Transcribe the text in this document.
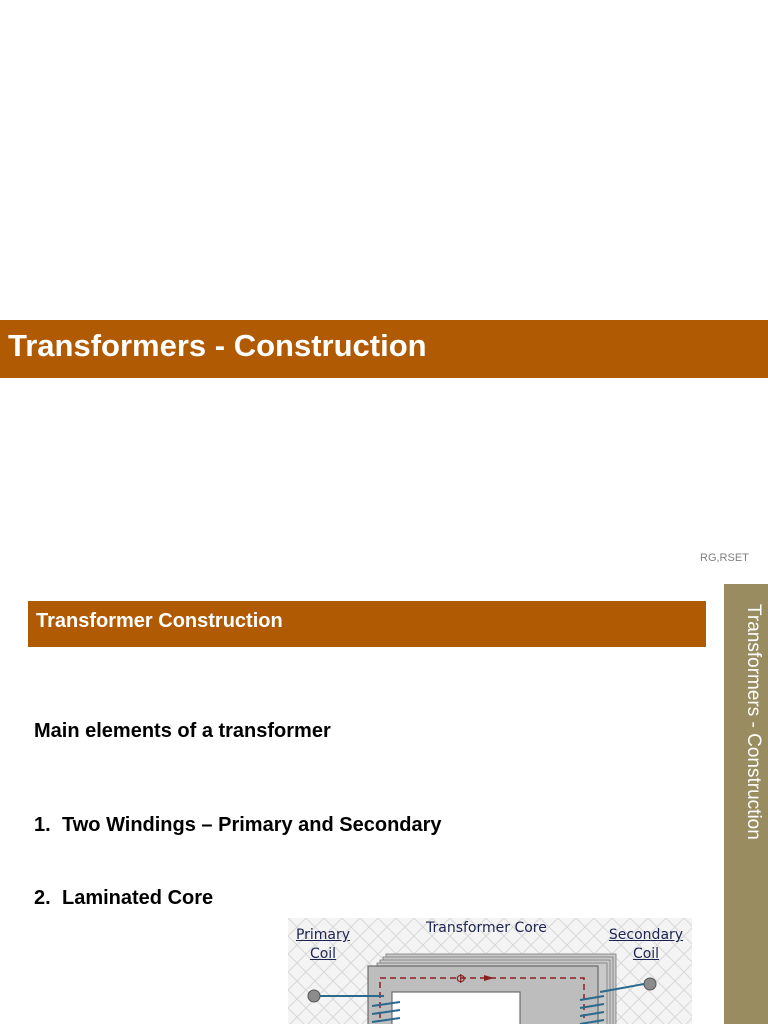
Transformers - Construction
RG,RSET
Transformer Construction	Transformers - Construction
Main elements of a transformer
1. Two Windings – Primary and Secondary
2. Laminated Core
Transformer Core
Primary
Coil
Secondary
Coil
Φ
